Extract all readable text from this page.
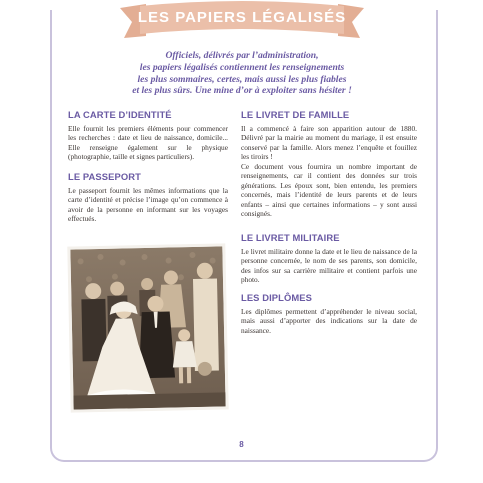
LES PAPIERS LÉGALISÉS
Officiels, délivrés par l’administration,
les papiers légalisés contiennent les renseignements
les plus sommaires, certes, mais aussi les plus fiables
et les plus sûrs. Une mine d’or à exploiter sans hésiter !
LA CARTE D’IDENTITÉ

Elle fournit les premiers éléments pour commencer les recherches : date et lieu de naissance, domicile... Elle renseigne également sur le physique (photographie, taille et signes particuliers).

LE PASSEPORT

Le passeport fournit les mêmes informations que la carte d’identité et précise l’image qu’on commence à avoir de la personne en informant sur les voyages effectués.

LE LIVRET DE FAMILLE

Il a commencé à faire son apparition autour de 1880. Délivré par la mairie au moment du mariage, il est ensuite conservé par la famille. Alors menez l’enquête et fouillez les tiroirs !

Ce document vous fournira un nombre important de renseignements, car il contient des données sur trois générations. Les époux sont, bien entendu, les premiers concernés, mais l’identité de leurs parents et de leurs enfants – ainsi que certaines informations – y sont aussi consignés.

LE LIVRET MILITAIRE

Le livret militaire donne la date et le lieu de naissance de la personne concernée, le nom de ses parents, son domicile, des infos sur sa carrière militaire et contient parfois une photo.

LES DIPLÔMES

Les diplômes permettent d’appréhender le niveau social, mais aussi d’apporter des indications sur la date de naissance.

8
